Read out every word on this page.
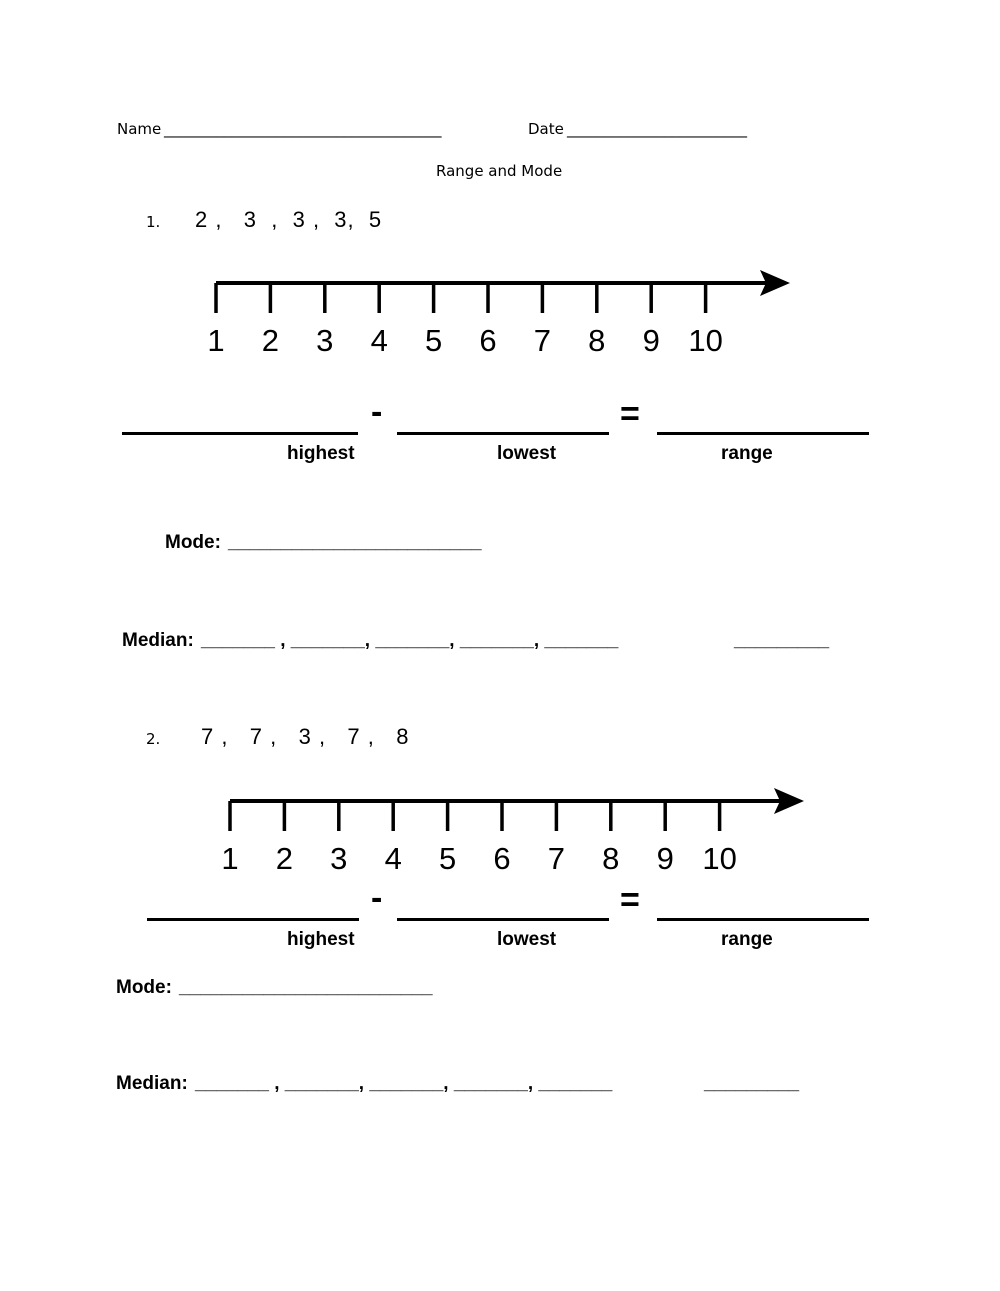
Name _____________________________________	Date ________________________
Range and Mode
1. 2 ,   3  ,  3 ,  3,  5
1 2 3 4 5 6 7 8 9 10
-	=
highest	lowest	range
Mode: ________________________
Median: _______ , _______, _______, _______, _______	_________
2. 7 ,   7 ,   3 ,   7 ,   8
1 2 3 4 5 6 7 8 9 10
-	=
highest	lowest	range
Mode: ________________________
Median: _______ , _______, _______, _______, _______	_________
